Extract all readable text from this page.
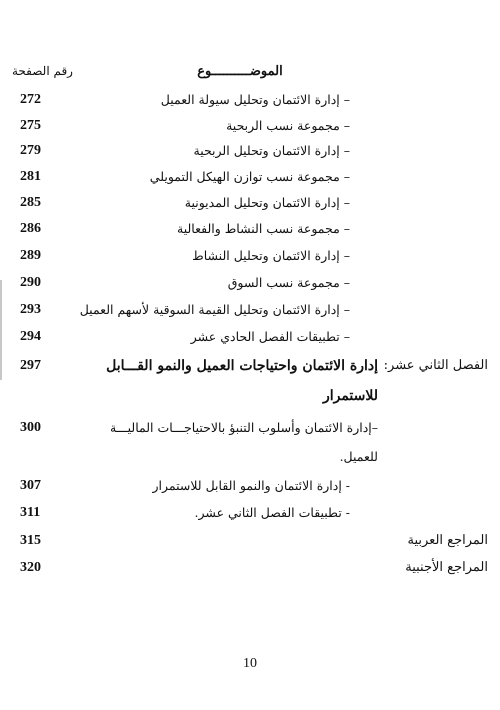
رقم الصفحة	الموضــــــــــوع
272	– إدارة الائتمان وتحليل سيولة العميل
275	– مجموعة نسب الربحية
279	– إدارة الائتمان وتحليل الربحية
281	– مجموعة نسب توازن الهيكل التمويلي
285	– إدارة الائتمان وتحليل المديونية
286	– مجموعة نسب النشاط والفعالية
289	– إدارة الائتمان وتحليل النشاط
290	– مجموعة نسب السوق
293	– إدارة الائتمان وتحليل القيمة السوقية لأسهم العميل
294	– تطبيقات الفصل الحادي عشر
297	الفصل الثاني عشر:
إدارة الائتمان واحتياجات العميل والنمو القـــابل
للاستمرار
300	–إدارة الائتمان وأسلوب التنبؤ بالاحتياجـــات الماليـــة
للعميل.
307	- إدارة الائتمان والنمو القابل للاستمرار
311	- تطبيقات الفصل الثاني عشر.
315	المراجع العربية
320	المراجع الأجنبية
10
